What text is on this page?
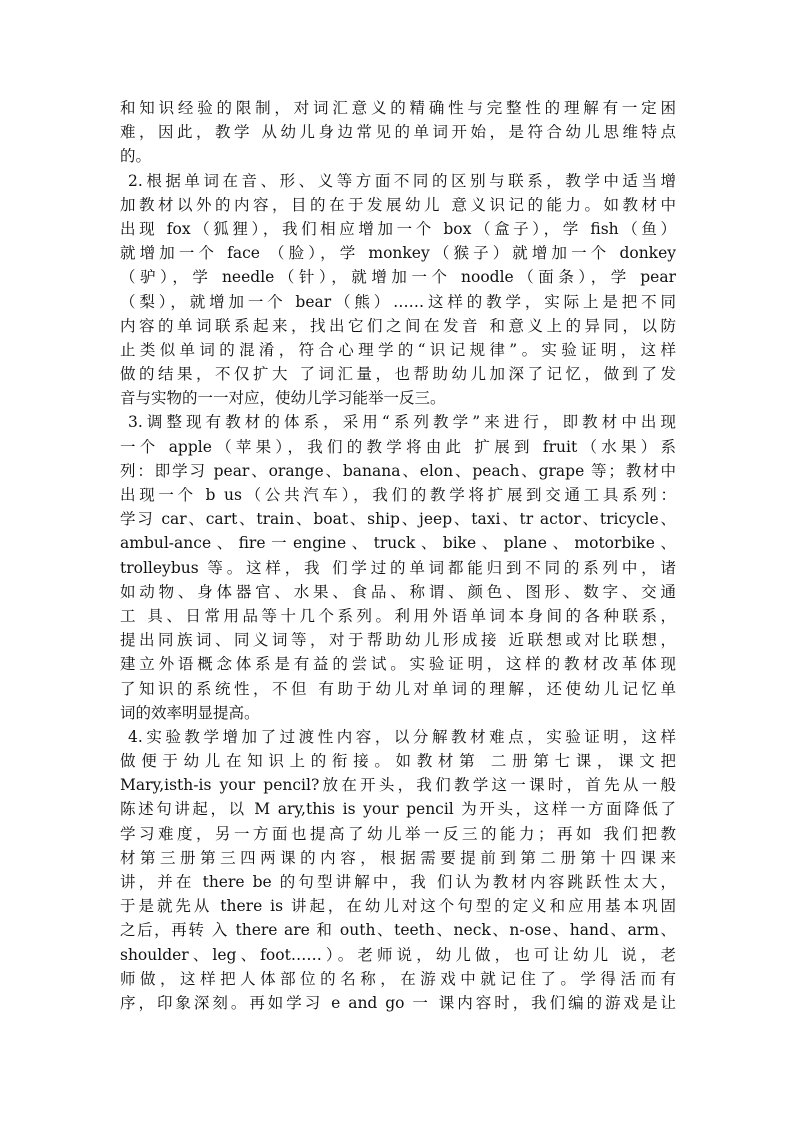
和知识经验的限制，对词汇意义的精确性与完整性的理解有一定困
难，因此，教学 从幼儿身边常见的单词开始，是符合幼儿思维特点
的。
2.根据单词在音、形、义等方面不同的区别与联系，教学中适当增
加教材以外的内容，目的在于发展幼儿 意义识记的能力。如教材中
出现 fox（狐狸），我们相应增加一个 box（盒子），学 fish（鱼）
就增加一个 face （脸），学 monkey（猴子）就增加一个 donkey
（驴），学 needle（针），就增加一个 noodle（面条），学 pear
（梨），就增加一个 bear（熊）……这样的教学，实际上是把不同
内容的单词联系起来，找出它们之间在发音 和意义上的异同，以防
止类似单词的混淆，符合心理学的“识记规律”。实验证明，这样
做的结果，不仅扩大 了词汇量，也帮助幼儿加深了记忆，做到了发
音与实物的一一对应，使幼儿学习能举一反三。
3.调整现有教材的体系，采用“系列教学”来进行，即教材中出现
一个 apple（苹果），我们的教学将由此 扩展到 fruit（水果）系
列：即学习 pear、orange、banana、elon、peach、grape 等；教材中
出现一个 b us（公共汽车），我们的教学将扩展到交通工具系列：
学习 car、cart、train、boat、ship、jeep、taxi、tr actor、tricycle、
ambul-ance 、 fire 一 engine 、 truck 、 bike 、 plane 、 motorbike 、
trolleybus 等。这样，我 们学过的单词都能归到不同的系列中，诸
如动物、身体器官、水果、食品、称谓、颜色、图形、数字、交通
工 具、日常用品等十几个系列。利用外语单词本身间的各种联系，
提出同族词、同义词等，对于帮助幼儿形成接 近联想或对比联想，
建立外语概念体系是有益的尝试。实验证明，这样的教材改革体现
了知识的系统性，不但 有助于幼儿对单词的理解，还使幼儿记忆单
词的效率明显提高。
4.实验教学增加了过渡性内容，以分解教材难点，实验证明，这样
做便于幼儿在知识上的衔接。如教材第 二册第七课，课文把
Mary,isth-is your pencil?放在开头，我们教学这一课时，首先从一般
陈述句讲起，以 M ary,this is your pencil 为开头，这样一方面降低了
学习难度，另一方面也提高了幼儿举一反三的能力；再如 我们把教
材第三册第三四两课的内容，根据需要提前到第二册第十四课来
讲，并在 there be 的句型讲解中，我 们认为教材内容跳跃性太大，
于是就先从 there is 讲起，在幼儿对这个句型的定义和应用基本巩固
之后，再转 入 there are 和 outh、teeth、neck、n-ose、hand、arm、
shoulder、leg、foot……）。老师说，幼儿做，也可让幼儿 说，老
师做，这样把人体部位的名称，在游戏中就记住了。学得活而有
序，印象深刻。再如学习 e and go 一 课内容时，我们编的游戏是让
